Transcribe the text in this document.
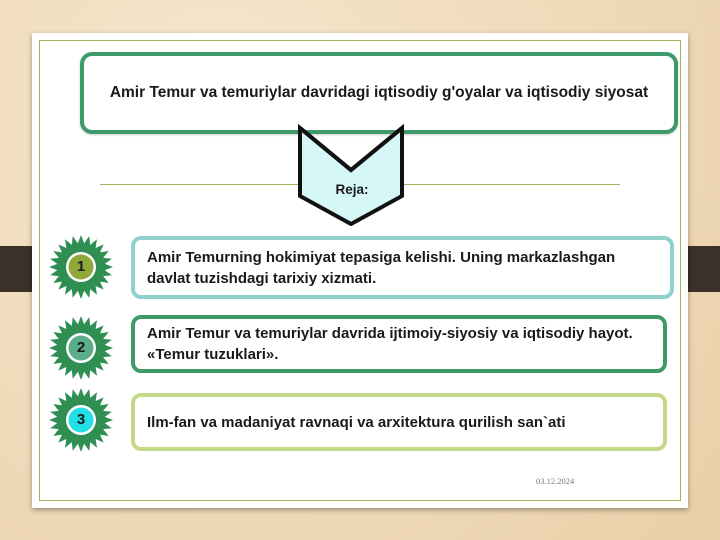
Amir Temur va temuriylar davridagi iqtisodiy g'oyalar va iqtisodiy siyosat
Reja:
Amir Temurning hokimiyat tepasiga kelishi. Uning markazlashgan davlat tuzishdagi tarixiy xizmati.
Amir Temur va temuriylar davrida ijtimoiy-siyosiy va iqtisodiy hayot. «Temur tuzuklari».
Ilm-fan va madaniyat ravnaqi va arxitektura qurilish san`ati
1
2
3
03.12.2024
